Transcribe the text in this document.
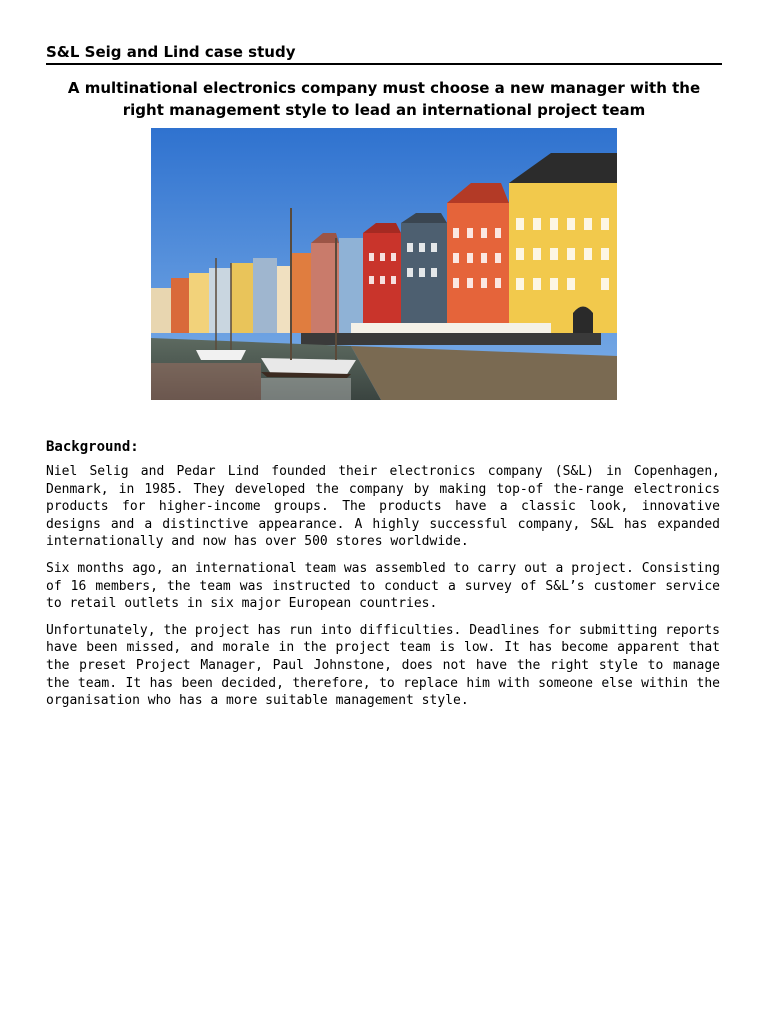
S&L Seig and Lind case study
A multinational electronics company must choose a new manager with the right management style to lead an international project team
Background:

Niel Selig and Pedar Lind founded their electronics company (S&L) in Copenhagen, Denmark, in 1985. They developed the company by making top-of the-range electronics products for higher-income groups. The products have a classic look, innovative designs and a distinctive appearance. A highly successful company, S&L has expanded internationally and now has over 500 stores worldwide.

Six months ago, an international team was assembled to carry out a project. Consisting of 16 members, the team was instructed to conduct a survey of S&L’s customer service to retail outlets in six major European countries.

Unfortunately, the project has run into difficulties. Deadlines for submitting reports have been missed, and morale in the project team is low. It has become apparent that the preset Project Manager, Paul Johnstone, does not have the right style to manage the team. It has been decided, therefore, to replace him with someone else within the organisation who has a more suitable management style.
